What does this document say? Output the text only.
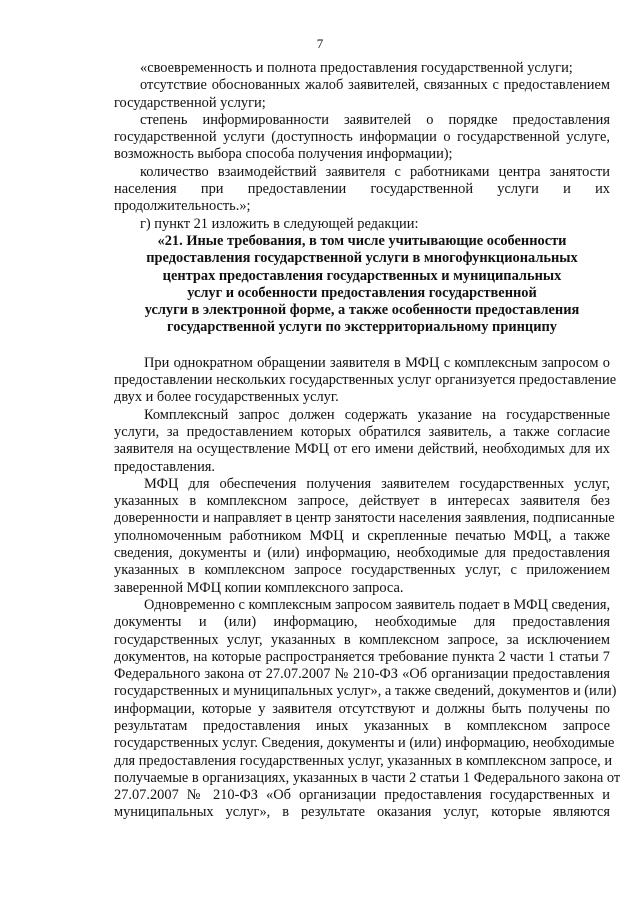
7
«своевременность и полнота предоставления государственной услуги;
отсутствие обоснованных жалоб заявителей, связанных с предоставлением
государственной услуги;
степень информированности заявителей о порядке предоставления
государственной услуги (доступность информации о государственной услуге,
возможность выбора способа получения информации);
количество взаимодействий заявителя с работниками центра занятости
населения при предоставлении государственной услуги и их
продолжительность.»;
г) пункт 21 изложить в следующей редакции:
«21. Иные требования, в том числе учитывающие особенности
предоставления государственной услуги в многофункциональных
центрах предоставления государственных и муниципальных
услуг и особенности предоставления государственной
услуги в электронной форме, а также особенности предоставления
государственной услуги по экстерриториальному принципу
При однократном обращении заявителя в МФЦ с комплексным запросом о
предоставлении нескольких государственных услуг организуется предоставление
двух и более государственных услуг.
Комплексный запрос должен содержать указание на государственные
услуги, за предоставлением которых обратился заявитель, а также согласие
заявителя на осуществление МФЦ от его имени действий, необходимых для их
предоставления.
МФЦ для обеспечения получения заявителем государственных услуг,
указанных в комплексном запросе, действует в интересах заявителя без
доверенности и направляет в центр занятости населения заявления, подписанные
уполномоченным работником МФЦ и скрепленные печатью МФЦ, а также
сведения, документы и (или) информацию, необходимые для предоставления
указанных в комплексном запросе государственных услуг, с приложением
заверенной МФЦ копии комплексного запроса.
Одновременно с комплексным запросом заявитель подает в МФЦ сведения,
документы и (или) информацию, необходимые для предоставления
государственных услуг, указанных в комплексном запросе, за исключением
документов, на которые распространяется требование пункта 2 части 1 статьи 7
Федерального закона от 27.07.2007 № 210-ФЗ «Об организации предоставления
государственных и муниципальных услуг», а также сведений, документов и (или)
информации, которые у заявителя отсутствуют и должны быть получены по
результатам предоставления иных указанных в комплексном запросе
государственных услуг. Сведения, документы и (или) информацию, необходимые
для предоставления государственных услуг, указанных в комплексном запросе, и
получаемые в организациях, указанных в части 2 статьи 1 Федерального закона от
27.07.2007 № 210-ФЗ «Об организации предоставления государственных и
муниципальных услуг», в результате оказания услуг, которые являются
